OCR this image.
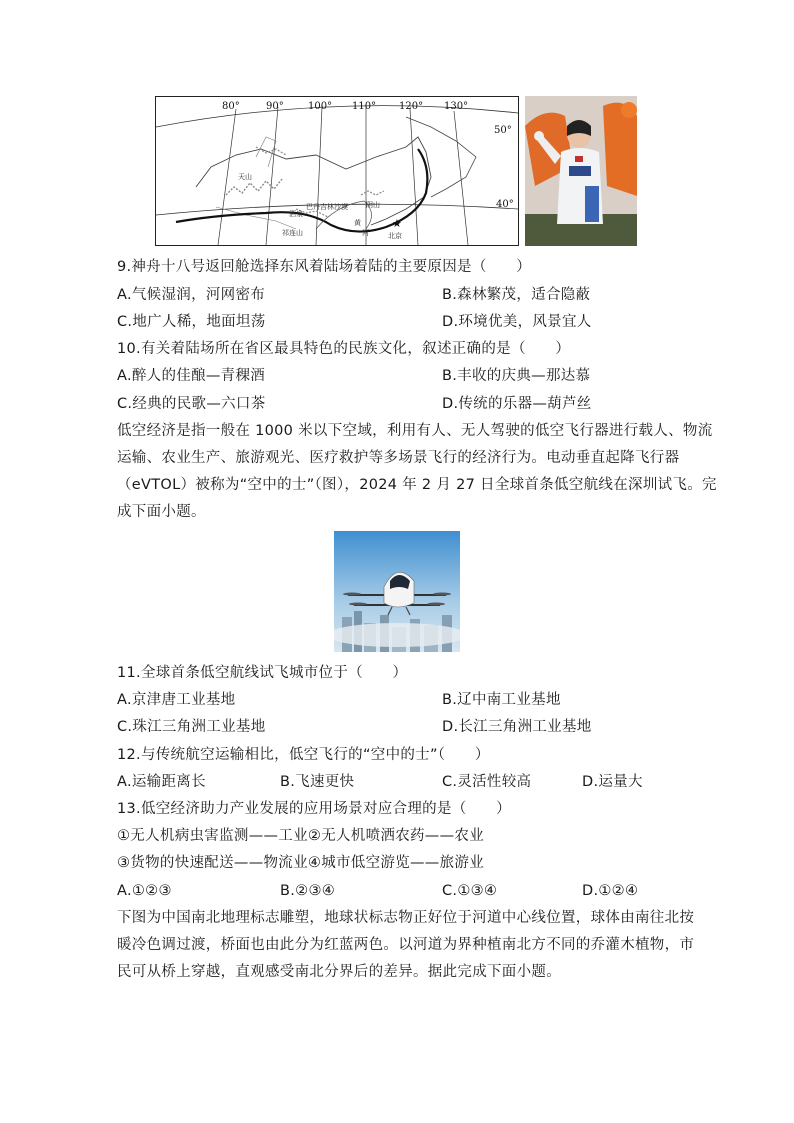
★
80°	90° 100° 110° 120° 130°
50°
40°
天山
酒泉
阴山
祁连山	北京
巴丹吉林沙漠
黄
河
9.神舟十八号返回舱选择东风着陆场着陆的主要原因是（　　）
A.气候湿润，河网密布	B.森林繁茂，适合隐蔽
C.地广人稀，地面坦荡	D.环境优美，风景宜人
10.有关着陆场所在省区最具特色的民族文化，叙述正确的是（　　）
A.醉人的佳酿—青稞酒	B.丰收的庆典—那达慕
C.经典的民歌—六口茶	D.传统的乐器—葫芦丝
低空经济是指一般在 1000 米以下空域，利用有人、无人驾驶的低空飞行器进行载人、物流
运输、农业生产、旅游观光、医疗救护等多场景飞行的经济行为。电动垂直起降飞行器
（eVTOL）被称为“空中的士”（图），2024 年 2 月 27 日全球首条低空航线在深圳试飞。完
成下面小题。
11.全球首条低空航线试飞城市位于（　　）
A.京津唐工业基地	B.辽中南工业基地
C.珠江三角洲工业基地	D.长江三角洲工业基地
12.与传统航空运输相比，低空飞行的“空中的士”（　　）
A.运输距离长	B.飞速更快	C.灵活性较高	D.运量大
13.低空经济助力产业发展的应用场景对应合理的是（　　）
①无人机病虫害监测——工业②无人机喷洒农药——农业
③货物的快速配送——物流业④城市低空游览——旅游业
A.①②③	B.②③④	C.①③④	D.①②④
下图为中国南北地理标志雕塑，地球状标志物正好位于河道中心线位置，球体由南往北按
暖冷色调过渡，桥面也由此分为红蓝两色。以河道为界种植南北方不同的乔灌木植物，市
民可从桥上穿越，直观感受南北分界后的差异。据此完成下面小题。
